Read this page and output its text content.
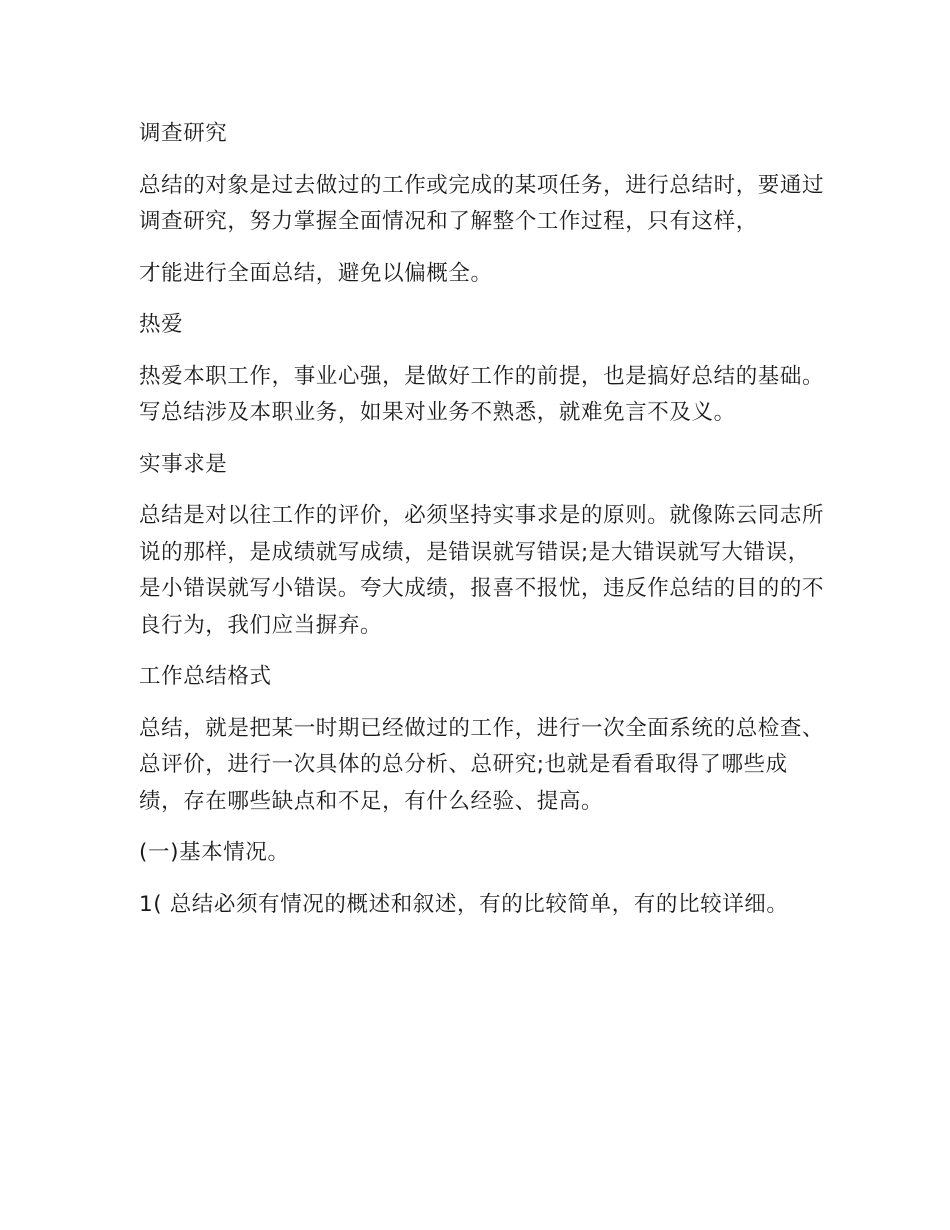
调查研究

总结的对象是过去做过的工作或完成的某项任务，进行总结时，要通过调查研究，努力掌握全面情况和了解整个工作过程，只有这样，

才能进行全面总结，避免以偏概全。

热爱

热爱本职工作，事业心强，是做好工作的前提，也是搞好总结的基础。写总结涉及本职业务，如果对业务不熟悉，就难免言不及义。

实事求是

总结是对以往工作的评价，必须坚持实事求是的原则。就像陈云同志所说的那样，是成绩就写成绩，是错误就写错误;是大错误就写大错误，是小错误就写小错误。夸大成绩，报喜不报忧，违反作总结的目的的不良行为，我们应当摒弃。

工作总结格式

总结，就是把某一时期已经做过的工作，进行一次全面系统的总检查、总评价，进行一次具体的总分析、总研究;也就是看看取得了哪些成绩，存在哪些缺点和不足，有什么经验、提高。

(一)基本情况。

1( 总结必须有情况的概述和叙述，有的比较简单，有的比较详细。
